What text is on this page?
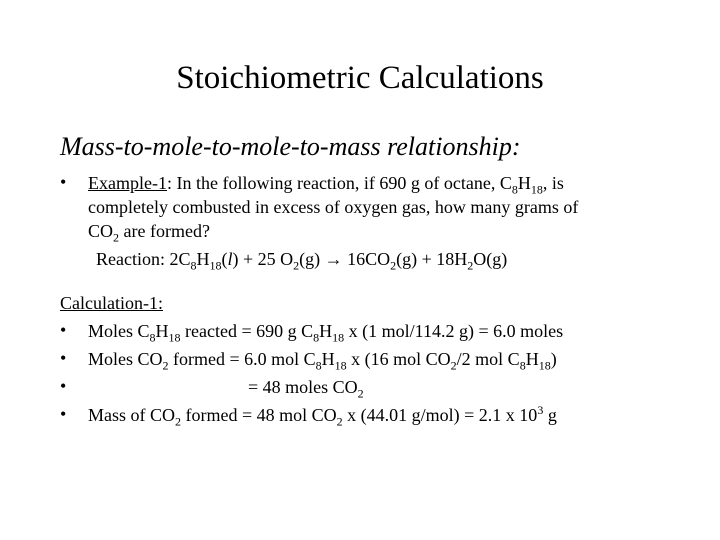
Stoichiometric Calculations
Mass-to-mole-to-mole-to-mass relationship:
• Example-1: In the following reaction, if 690 g of octane, $C_8H_{18}$, is
completely combusted in excess of oxygen gas, how many grams of
$CO_2$ are formed?
Reaction: $2C_8H_{18}(l) + 25$ $O_2(g) \to 16CO_2(g) + 18H_2O(g)$
Calculation-1:
• Moles $C_8H_{18}$ reacted = 690 g $C_8H_{18}$ x (1 mol/114.2 g) = 6.0 moles
• Moles $CO_2$ formed = 6.0 mol $C_8H_{18}$ x (16 mol $CO_2/2$ mol $C_8H_{18}$)
•	= 48 moles $CO_2$
• Mass of $CO_2$ formed = 48 mol $CO_2$ x (44.01 g/mol) = 2.1 x $10^3$ g
